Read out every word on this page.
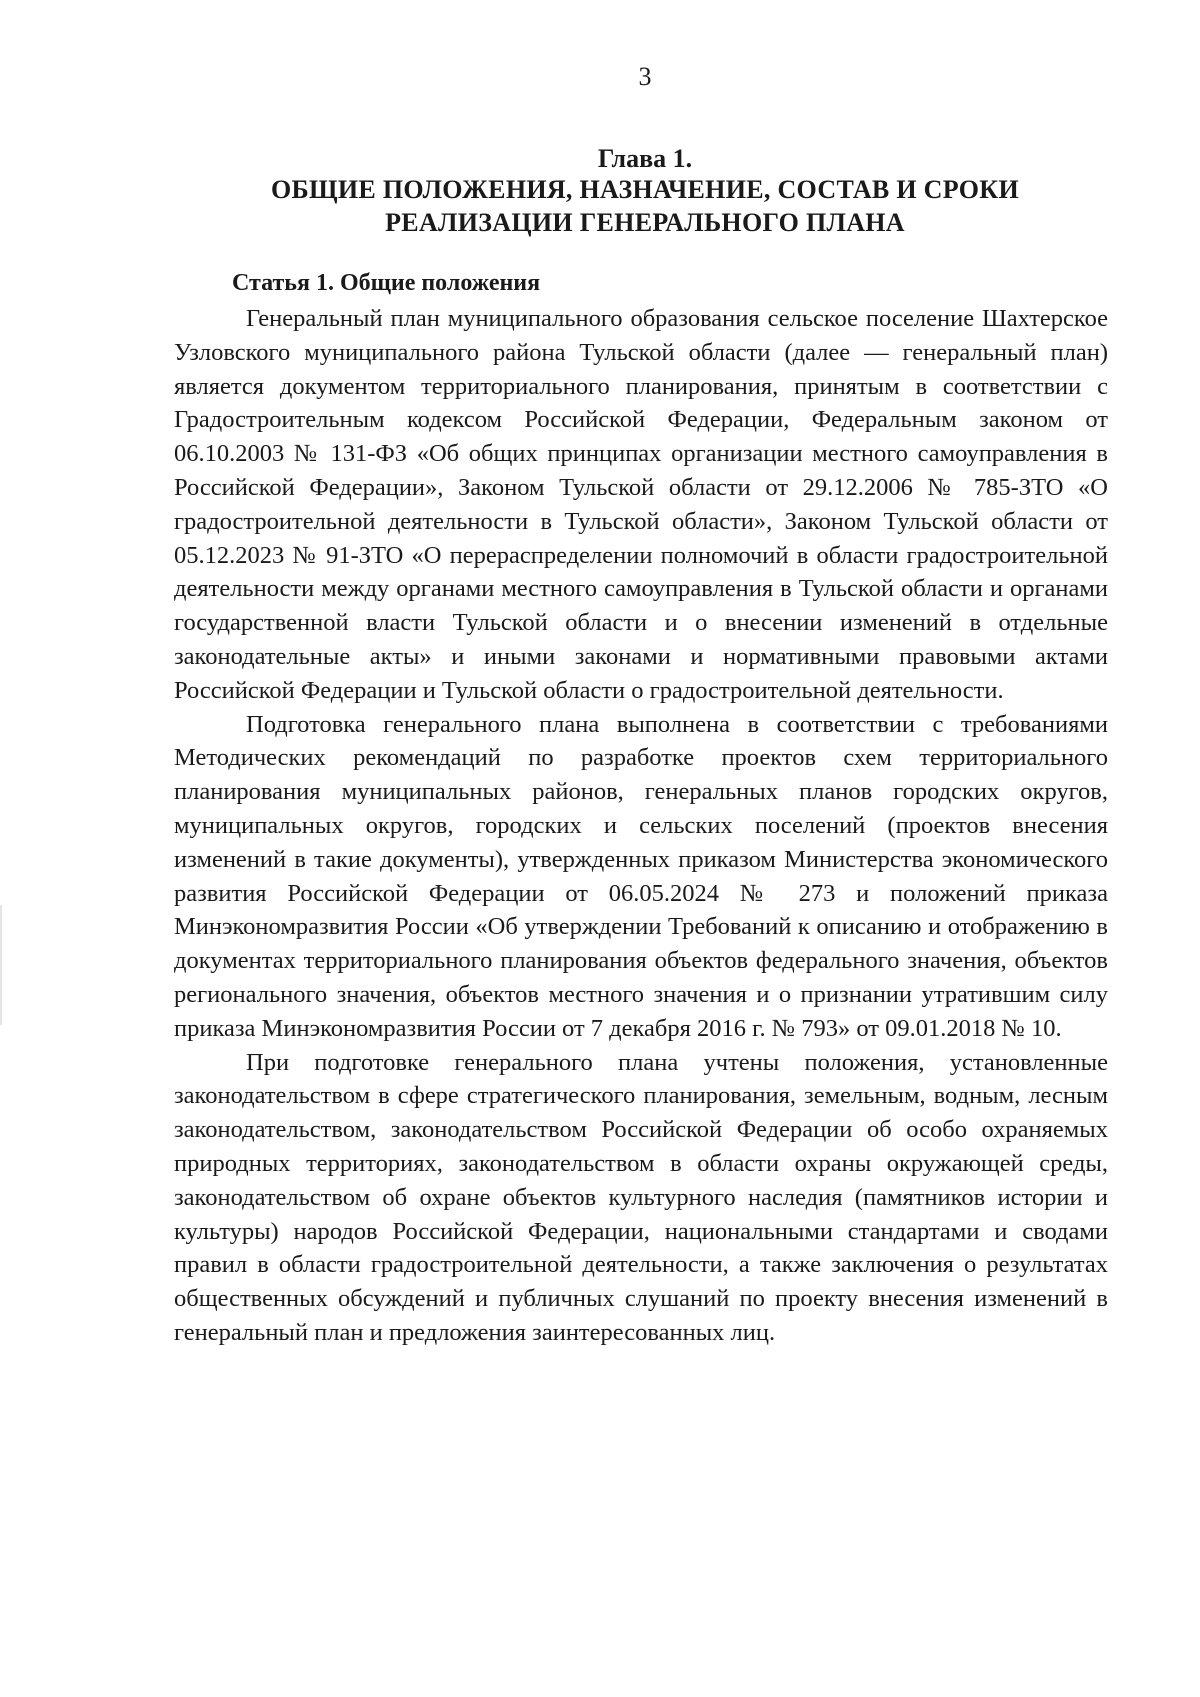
3
Глава 1.
ОБЩИЕ ПОЛОЖЕНИЯ, НАЗНАЧЕНИЕ, СОСТАВ И СРОКИ РЕАЛИЗАЦИИ ГЕНЕРАЛЬНОГО ПЛАНА
Статья 1. Общие положения

Генеральный план муниципального образования сельское поселение Шахтерское Узловского муниципального района Тульской области (далее — генеральный план) является документом территориального планирования, принятым в соответствии с Градостроительным кодексом Российской Федерации, Федеральным законом от 06.10.2003 № 131-ФЗ «Об общих принципах организации местного самоуправления в Российской Федерации», Законом Тульской области от 29.12.2006 № 785-ЗТО «О градостроительной деятельности в Тульской области», Законом Тульской области от 05.12.2023 № 91-ЗТО «О перераспределении полномочий в области градостроительной деятельности между органами местного самоуправления в Тульской области и органами государственной власти Тульской области и о внесении изменений в отдельные законодательные акты» и иными законами и нормативными правовыми актами Российской Федерации и Тульской области о градостроительной деятельности.

Подготовка генерального плана выполнена в соответствии с требованиями Методических рекомендаций по разработке проектов схем территориального планирования муниципальных районов, генеральных планов городских округов, муниципальных округов, городских и сельских поселений (проектов внесения изменений в такие документы), утвержденных приказом Министерства экономического развития Российской Федерации от 06.05.2024 № 273 и положений приказа Минэкономразвития России «Об утверждении Требований к описанию и отображению в документах территориального планирования объектов федерального значения, объектов регионального значения, объектов местного значения и о признании утратившим силу приказа Минэкономразвития России от 7 декабря 2016 г. № 793» от 09.01.2018 № 10.

При подготовке генерального плана учтены положения, установленные законодательством в сфере стратегического планирования, земельным, водным, лесным законодательством, законодательством Российской Федерации об особо охраняемых природных территориях, законодательством в области охраны окружающей среды, законодательством об охране объектов культурного наследия (памятников истории и культуры) народов Российской Федерации, национальными стандартами и сводами правил в области градостроительной деятельности, а также заключения о результатах общественных обсуждений и публичных слушаний по проекту внесения изменений в генеральный план и предложения заинтересованных лиц.
